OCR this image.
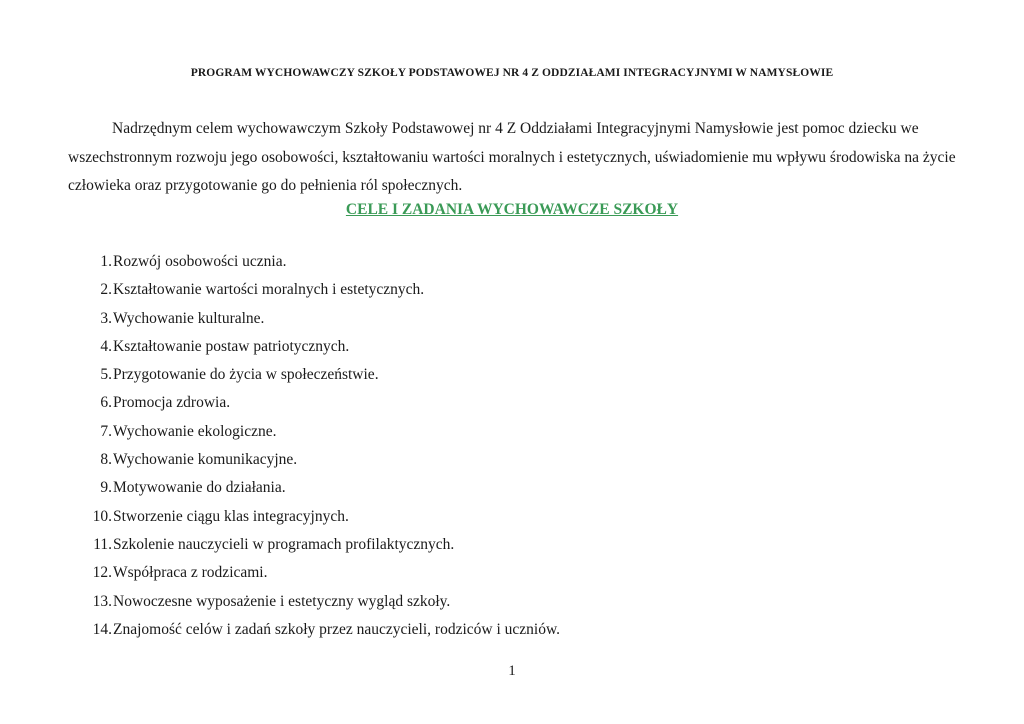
PROGRAM WYCHOWAWCZY SZKOŁY PODSTAWOWEJ NR 4 Z ODDZIAŁAMI INTEGRACYJNYMI W NAMYSŁOWIE

Nadrzędnym celem wychowawczym Szkoły Podstawowej nr 4 Z Oddziałami Integracyjnymi Namysłowie jest pomoc dziecku we wszechstronnym rozwoju jego osobowości, kształtowaniu wartości moralnych i estetycznych, uświadomienie mu wpływu środowiska na życie człowieka oraz przygotowanie go do pełnienia ról społecznych.

CELE I ZADANIA WYCHOWAWCZE SZKOŁY
1. Rozwój osobowości ucznia.
2. Kształtowanie wartości moralnych i estetycznych.
3. Wychowanie kulturalne.
4. Kształtowanie postaw patriotycznych.
5. Przygotowanie do życia w społeczeństwie.
6. Promocja zdrowia.
7. Wychowanie ekologiczne.
8. Wychowanie komunikacyjne.
9. Motywowanie do działania.
10. Stworzenie ciągu klas integracyjnych.
11. Szkolenie nauczycieli w programach profilaktycznych.
12. Współpraca z rodzicami.
13. Nowoczesne wyposażenie i estetyczny wygląd szkoły.
14. Znajomość celów i zadań szkoły przez nauczycieli, rodziców i uczniów.

1
